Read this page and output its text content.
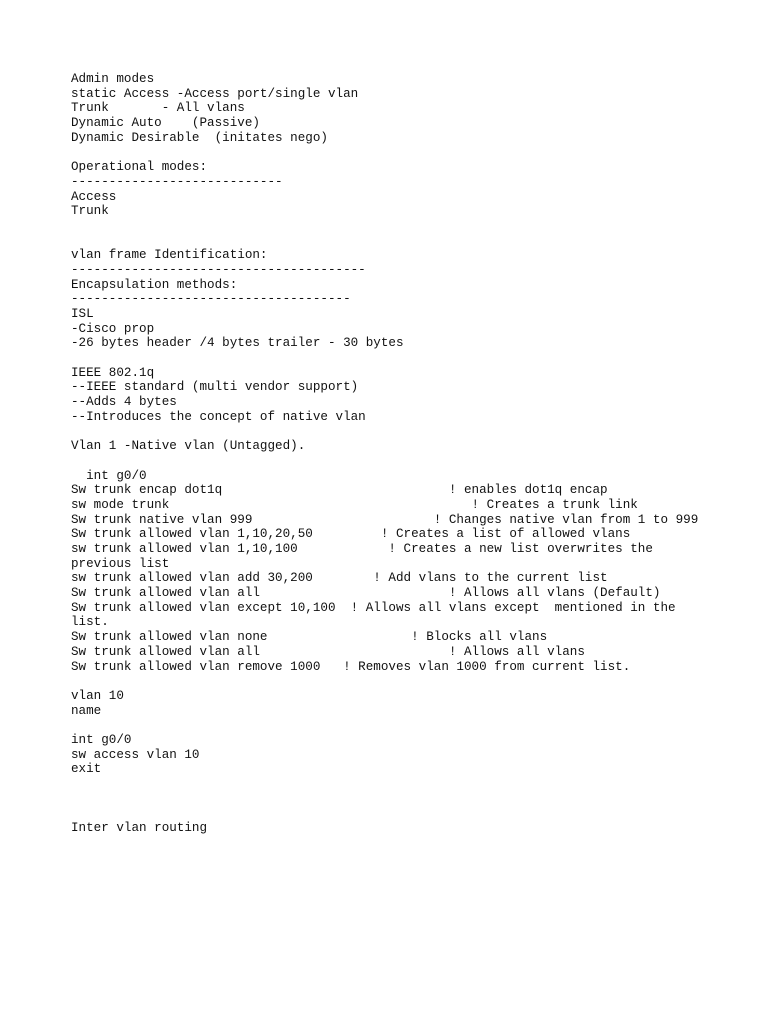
Admin modes
static Access -Access port/single vlan
Trunk       - All vlans
Dynamic Auto    (Passive)
Dynamic Desirable  (initates nego)
Operational modes:
----------------------------
Access
Trunk
vlan frame Identification:
---------------------------------------
Encapsulation methods:
-------------------------------------
ISL
-Cisco prop
-26 bytes header /4 bytes trailer - 30 bytes
IEEE 802.1q
--IEEE standard (multi vendor support)
--Adds 4 bytes
--Introduces the concept of native vlan
Vlan 1 -Native vlan (Untagged).
int g0/0
Sw trunk encap dot1q                              ! enables dot1q encap
sw mode trunk                                        ! Creates a trunk link
Sw trunk native vlan 999                        ! Changes native vlan from 1 to 999
Sw trunk allowed vlan 1,10,20,50         ! Creates a list of allowed vlans
sw trunk allowed vlan 1,10,100            ! Creates a new list overwrites the
previous list
sw trunk allowed vlan add 30,200        ! Add vlans to the current list
Sw trunk allowed vlan all                         ! Allows all vlans (Default)
Sw trunk allowed vlan except 10,100  ! Allows all vlans except  mentioned in the
list.
Sw trunk allowed vlan none                   ! Blocks all vlans
Sw trunk allowed vlan all                         ! Allows all vlans
Sw trunk allowed vlan remove 1000   ! Removes vlan 1000 from current list.
vlan 10
name
int g0/0
sw access vlan 10
exit
Inter vlan routing
